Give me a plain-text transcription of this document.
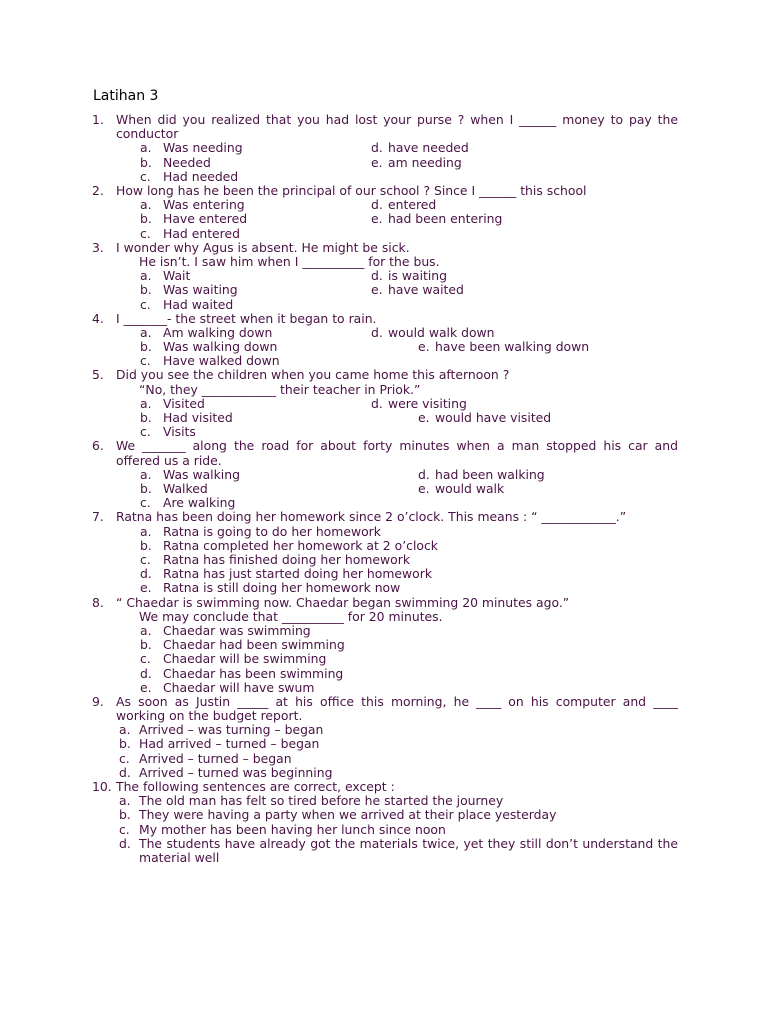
Latihan 3
1. When did you realized that you had lost your purse ? when I ______ money to pay the conductor
a. Was needing	d. have needed
b. Needed	e. am needing
c. Had needed
2. How long has he been the principal of our school ? Since I ______ this school
a. Was entering	d. entered
b. Have entered	e. had been entering
c. Had entered
3. I wonder why Agus is absent. He might be sick.
He isn’t. I saw him when I __________ for the bus.
a. Wait	d. is waiting
b. Was waiting	e. have waited
c. Had waited
4. I _______- the street when it began to rain.
a. Am walking down	d. would walk down
b. Was walking down	e. have been walking down
c. Have walked down
5. Did you see the children when you came home this afternoon ?
“No, they ____________ their teacher in Priok.”
a. Visited	d. were visiting
b. Had visited	e. would have visited
c. Visits
6. We _______ along the road for about forty minutes when a man stopped his car and offered us a ride.
a. Was walking	d. had been walking
b. Walked	e. would walk
c. Are walking
7. Ratna has been doing her homework since 2 o’clock. This means : “ ____________.”
a. Ratna is going to do her homework
b. Ratna completed her homework at 2 o’clock
c. Ratna has finished doing her homework
d. Ratna has just started doing her homework
e. Ratna is still doing her homework now
8. “ Chaedar is swimming now. Chaedar began swimming 20 minutes ago.”
We may conclude that __________ for 20 minutes.
a. Chaedar was swimming
b. Chaedar had been swimming
c. Chaedar will be swimming
d. Chaedar has been swimming
e. Chaedar will have swum
9. As soon as Justin _____ at his office this morning, he ____ on his computer and ____ working on the budget report.
a. Arrived – was turning – began
b. Had arrived – turned – began
c. Arrived – turned – began
d. Arrived – turned was beginning
10. The following sentences are correct, except :
a. The old man has felt so tired before he started the journey
b. They were having a party when we arrived at their place yesterday
c. My mother has been having her lunch since noon
d. The students have already got the materials twice, yet they still don’t understand the material well
